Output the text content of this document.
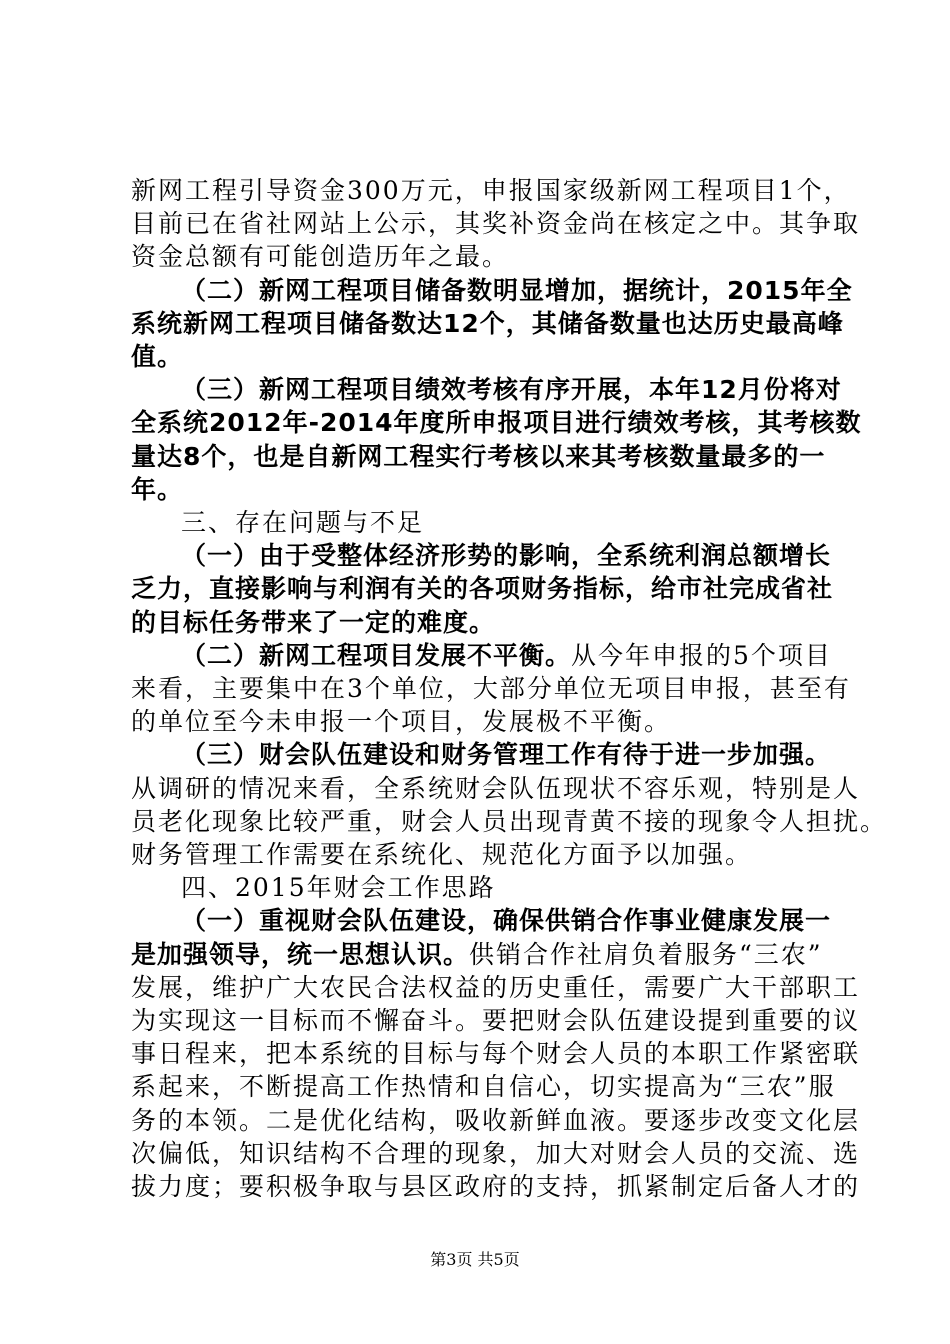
新网工程引导资金300万元，申报国家级新网工程项目1个，
目前已在省社网站上公示，其奖补资金尚在核定之中。其争取
资金总额有可能创造历年之最。
（二）新网工程项目储备数明显增加，据统计，2015年全
系统新网工程项目储备数达12个，其储备数量也达历史最高峰
值。
（三）新网工程项目绩效考核有序开展，本年12月份将对
全系统2012年-2014年度所申报项目进行绩效考核，其考核数
量达8个，也是自新网工程实行考核以来其考核数量最多的一
年。
三、存在问题与不足
（一）由于受整体经济形势的影响，全系统利润总额增长
乏力，直接影响与利润有关的各项财务指标，给市社完成省社
的目标任务带来了一定的难度。
（二）新网工程项目发展不平衡。从今年申报的5个项目
来看，主要集中在3个单位，大部分单位无项目申报，甚至有
的单位至今未申报一个项目，发展极不平衡。
（三）财会队伍建设和财务管理工作有待于进一步加强。
从调研的情况来看，全系统财会队伍现状不容乐观，特别是人
员老化现象比较严重，财会人员出现青黄不接的现象令人担扰。
财务管理工作需要在系统化、规范化方面予以加强。
四、2015年财会工作思路
（一）重视财会队伍建设，确保供销合作事业健康发展一
是加强领导，统一思想认识。供销合作社肩负着服务“三农”
发展，维护广大农民合法权益的历史重任，需要广大干部职工
为实现这一目标而不懈奋斗。要把财会队伍建设提到重要的议
事日程来，把本系统的目标与每个财会人员的本职工作紧密联
系起来，不断提高工作热情和自信心，切实提高为“三农”服
务的本领。二是优化结构，吸收新鲜血液。要逐步改变文化层
次偏低，知识结构不合理的现象，加大对财会人员的交流、选
拔力度；要积极争取与县区政府的支持，抓紧制定后备人才的
第3页 共5页
